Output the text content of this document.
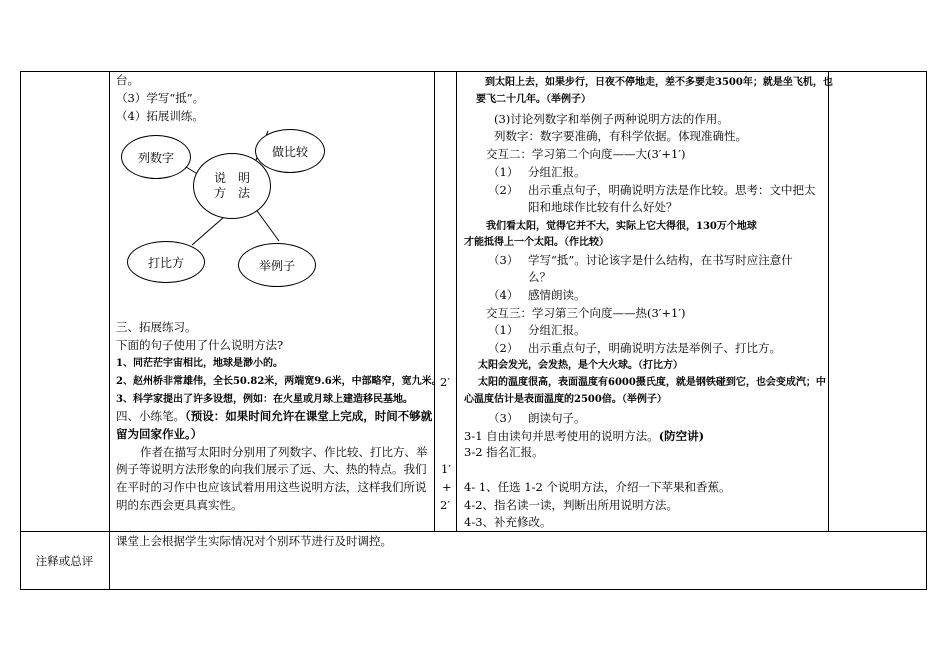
台。
（3）学写“抵”。
（4）拓展训练。
列数字	做比较
说　明
方　法
打比方	举例子
三、拓展练习。
下面的句子使用了什么说明方法?
1、同茫茫宇宙相比，地球是渺小的。
2、赵州桥非常雄伟，全长50.82米，两端宽9.6米，中部略窄，宽九米。
3、科学家提出了许多设想，例如：在火星或月球上建造移民基地。
四、小练笔。（预设：如果时间允许在课堂上完成，时间不够就
留为回家作业。）
作者在描写太阳时分别用了列数字、作比较、打比方、举
例子等说明方法形象的向我们展示了远、大、热的特点。我们
在平时的习作中也应该试着用用这些说明方法，这样我们所说
明的东西会更具真实性。
2′
1′
+
2′
到太阳上去，如果步行，日夜不停地走，差不多要走3500年；就是坐飞机，也
要飞二十几年。（举例子）
(3)讨论列数字和举例子两种说明方法的作用。
列数字：数字要准确，有科学依据。体现准确性。
交互二：学习第二个向度——大(3′+1′)
（1） 分组汇报。
（2） 出示重点句子，明确说明方法是作比较。思考：文中把太
阳和地球作比较有什么好处？
我们看太阳，觉得它并不大，实际上它大得很，130万个地球
才能抵得上一个太阳。（作比较）
（3） 学写“抵”。讨论该字是什么结构，在书写时应注意什
么？
（4） 感情朗读。
交互三：学习第三个向度——热(3′+1′)
（1） 分组汇报。
（2） 出示重点句子，明确说明方法是举例子、打比方。
太阳会发光，会发热，是个大火球。（打比方）
太阳的温度很高，表面温度有6000摄氏度，就是钢铁碰到它，也会变成汽；中
心温度估计是表面温度的2500倍。（举例子）
（3） 朗读句子。
3-1 自由读句并思考使用的说明方法。(防空讲)
3-2 指名汇报。
4- 1、任选 1-2 个说明方法，介绍一下苹果和香蕉。
4-2、指名读一读，判断出所用说明方法。
4-3、补充修改。
注释或总评
课堂上会根据学生实际情况对个别环节进行及时调控。
